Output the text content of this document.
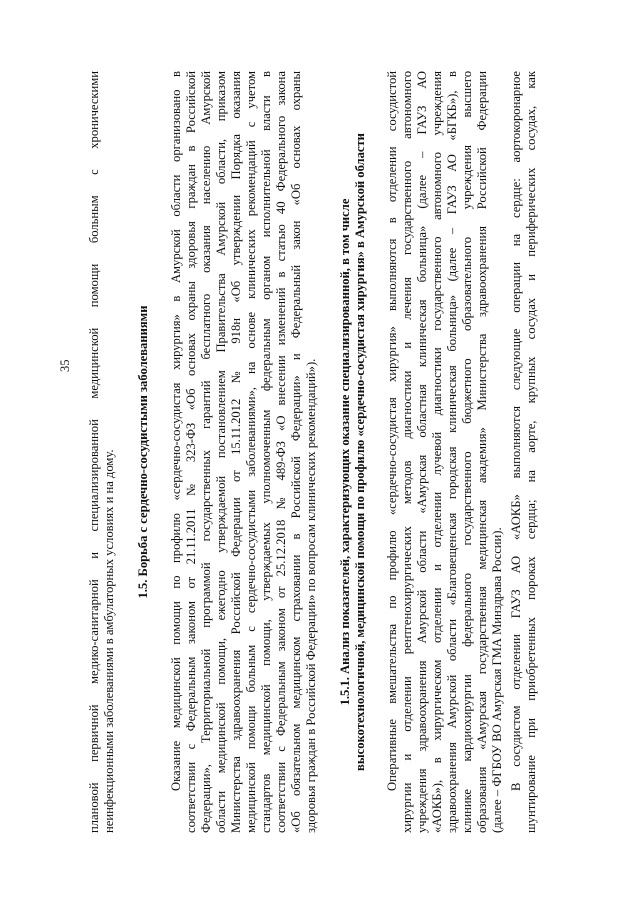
35 плановой первичной медико-санитарной и специализированной медицинской помощи больным с хроническими неинфекционными заболеваниями в амбулаторных условиях и на дому. 1.5. Борьба с сердечно-сосудистыми заболеваниями Оказание медицинской помощи по профилю «сердечно-сосудистая хирургия» в Амурской области организовано в соответствии с Федеральным законом от 21.11.2011 № 323-ФЗ «Об основах охраны здоровья граждан в Российской Федерации», Территориальной программой государственных гарантий бесплатного оказания населению Амурской области медицинской помощи, ежегодно утверждаемой постановлением Правительства Амурской области, приказом Министерства здравоохранения Российской Федерации от 15.11.2012 № 918н «Об утверждении Порядка оказания медицинской помощи больным с сердечно-сосудистыми заболеваниями», на основе клинических рекомендаций с учетом стандартов медицинской помощи, утверждаемых уполномоченным федеральным органом исполнительной власти в соответствии с Федеральным законом от 25.12.2018 № 489-ФЗ «О внесении изменений в статью 40 Федерального закона «Об обязательном медицинском страховании в Российской Федерации» и Федеральный закон «Об основах охраны здоровья граждан в Российской Федерации» по вопросам клинических рекомендаций»). 1.5.1. Анализ показателей, характеризующих оказание специализированной, в том числе высокотехнологичной, медицинской помощи по профилю «сердечно-сосудистая хирургия» в Амурской области Оперативные вмешательства по профилю «сердечно-сосудистая хирургия» выполняются в отделении сосудистой хирургии и отделении рентгенохирургических методов диагностики и лечения государственного автономного учреждения здравоохранения Амурской области «Амурская областная клиническая больница» (далее – ГАУЗ АО «АОКБ»), в хирургическом отделении и отделении лучевой диагностики государственного автономного учреждения здравоохранения Амурской области «Благовещенская городская клиническая больница» (далее – ГАУЗ АО «БГКБ»), в клинике кардиохирургии федерального государственного бюджетного образовательного учреждения высшего образования «Амурская государственная медицинская академия» Министерства здравоохранения Российской Федерации (далее – ФГБОУ ВО Амурская ГМА Минздрава России). В сосудистом отделении ГАУЗ АО «АОКБ» выполняются следующие операции на сердце: аортокоронарное шунтирование при приобретенных пороках сердца; на аорте, крупных сосудах и периферических сосудах, как
